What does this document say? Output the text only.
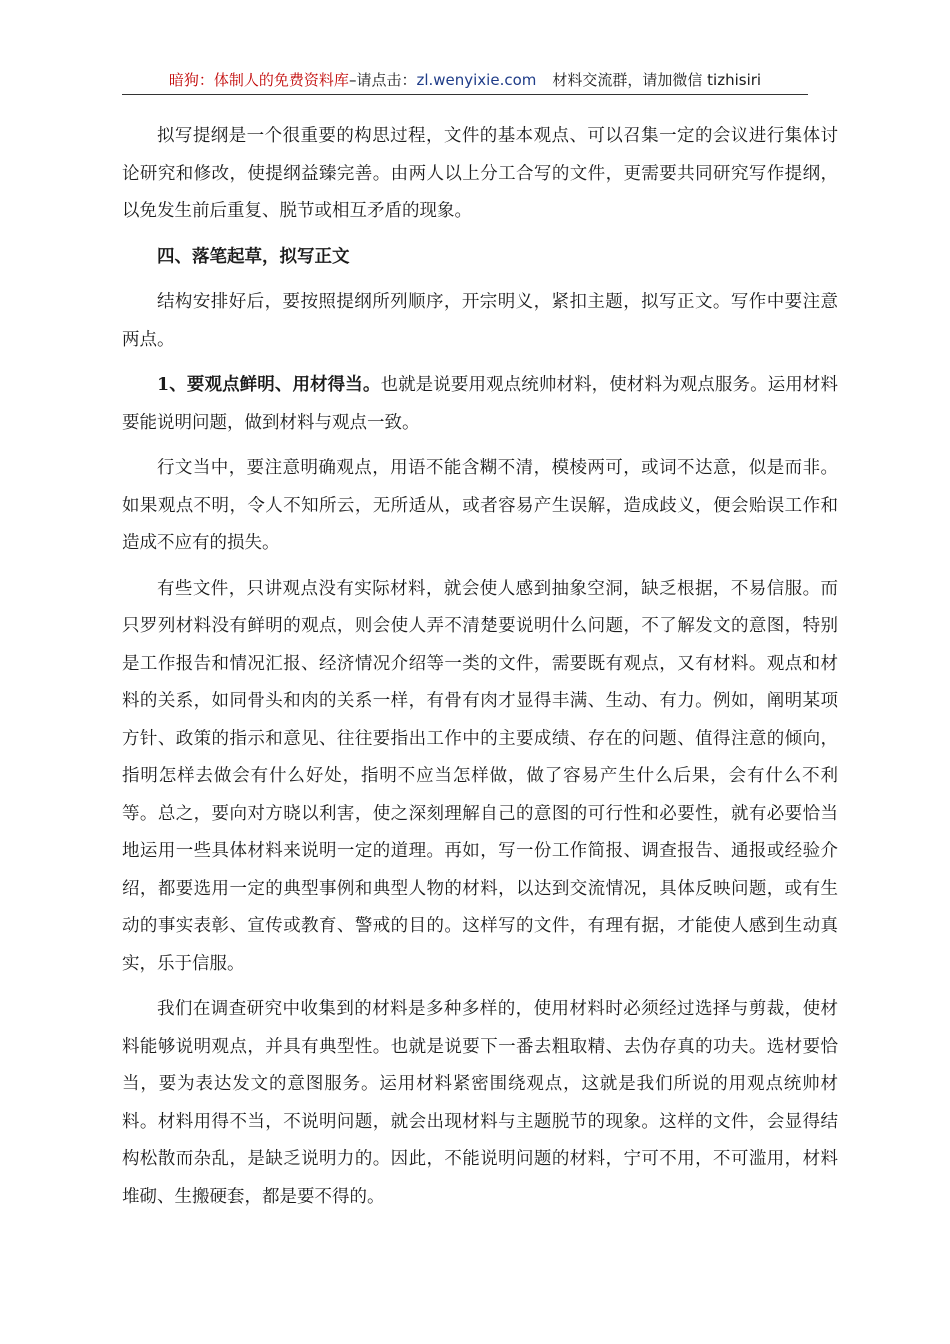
暗狗：体制人的免费资料库–请点击：zl.wenyixie.com 材料交流群，请加微信 tizhisiri

拟写提纲是一个很重要的构思过程，文件的基本观点、可以召集一定的会议进行集体讨论研究和修改，使提纲益臻完善。由两人以上分工合写的文件，更需要共同研究写作提纲，以免发生前后重复、脱节或相互矛盾的现象。

四、落笔起草，拟写正文

结构安排好后，要按照提纲所列顺序，开宗明义，紧扣主题，拟写正文。写作中要注意两点。

1、要观点鲜明、用材得当。也就是说要用观点统帅材料，使材料为观点服务。运用材料要能说明问题，做到材料与观点一致。

行文当中，要注意明确观点，用语不能含糊不清，模棱两可，或词不达意，似是而非。如果观点不明，令人不知所云，无所适从，或者容易产生误解，造成歧义，便会贻误工作和造成不应有的损失。

有些文件，只讲观点没有实际材料，就会使人感到抽象空洞，缺乏根据，不易信服。而只罗列材料没有鲜明的观点，则会使人弄不清楚要说明什么问题，不了解发文的意图，特别是工作报告和情况汇报、经济情况介绍等一类的文件，需要既有观点，又有材料。观点和材料的关系，如同骨头和肉的关系一样，有骨有肉才显得丰满、生动、有力。例如，阐明某项方针、政策的指示和意见、往往要指出工作中的主要成绩、存在的问题、值得注意的倾向，指明怎样去做会有什么好处，指明不应当怎样做，做了容易产生什么后果，会有什么不利等。总之，要向对方晓以利害，使之深刻理解自己的意图的可行性和必要性，就有必要恰当地运用一些具体材料来说明一定的道理。再如，写一份工作简报、调查报告、通报或经验介绍，都要选用一定的典型事例和典型人物的材料，以达到交流情况，具体反映问题，或有生动的事实表彰、宣传或教育、警戒的目的。这样写的文件，有理有据，才能使人感到生动真实，乐于信服。

我们在调查研究中收集到的材料是多种多样的，使用材料时必须经过选择与剪裁，使材料能够说明观点，并具有典型性。也就是说要下一番去粗取精、去伪存真的功夫。选材要恰当，要为表达发文的意图服务。运用材料紧密围绕观点，这就是我们所说的用观点统帅材料。材料用得不当，不说明问题，就会出现材料与主题脱节的现象。这样的文件，会显得结构松散而杂乱，是缺乏说明力的。因此，不能说明问题的材料，宁可不用，不可滥用，材料堆砌、生搬硬套，都是要不得的。
